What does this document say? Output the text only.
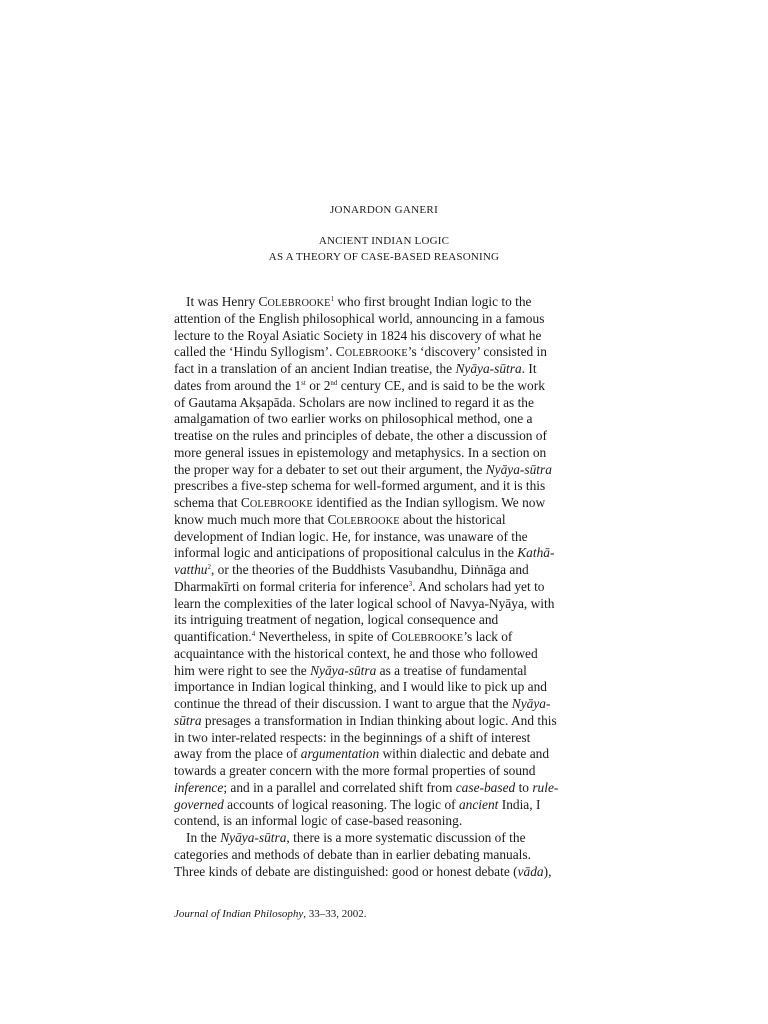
JONARDON GANERI
ANCIENT INDIAN LOGIC
AS A THEORY OF CASE-BASED REASONING
It was Henry COLEBROOKE$^1$ who first brought Indian logic to the
attention of the English philosophical world, announcing in a famous
lecture to the Royal Asiatic Society in 1824 his discovery of what he
called the ‘Hindu Syllogism’. COLEBROOKE’s ‘discovery’ consisted in
fact in a translation of an ancient Indian treatise, the Nyāya-sūtra. It
dates from around the 1st or 2nd century CE, and is said to be the work
of Gautama Akṣapāda. Scholars are now inclined to regard it as the
amalgamation of two earlier works on philosophical method, one a
treatise on the rules and principles of debate, the other a discussion of
more general issues in epistemology and metaphysics. In a section on
the proper way for a debater to set out their argument, the Nyāya-sūtra
prescribes a five-step schema for well-formed argument, and it is this
schema that COLEBROOKE identified as the Indian syllogism. We now
know much much more that COLEBROOKE about the historical
development of Indian logic. He, for instance, was unaware of the
informal logic and anticipations of propositional calculus in the Kathā-
vatthu$^2$, or the theories of the Buddhists Vasubandhu, Diṅnāga and
Dharmakīrti on formal criteria for inference$^3$. And scholars had yet to
learn the complexities of the later logical school of Navya-Nyāya, with
its intriguing treatment of negation, logical consequence and
quantification.$^4$ Nevertheless, in spite of COLEBROOKE’s lack of
acquaintance with the historical context, he and those who followed
him were right to see the Nyāya-sūtra as a treatise of fundamental
importance in Indian logical thinking, and I would like to pick up and
continue the thread of their discussion. I want to argue that the Nyāya-
sūtra presages a transformation in Indian thinking about logic. And this
in two inter-related respects: in the beginnings of a shift of interest
away from the place of argumentation within dialectic and debate and
towards a greater concern with the more formal properties of sound
inference; and in a parallel and correlated shift from case-based to rule-
governed accounts of logical reasoning. The logic of ancient India, I
contend, is an informal logic of case-based reasoning.
In the Nyāya-sūtra, there is a more systematic discussion of the
categories and methods of debate than in earlier debating manuals.
Three kinds of debate are distinguished: good or honest debate (vāda),
Journal of Indian Philosophy, 33–33, 2002.
